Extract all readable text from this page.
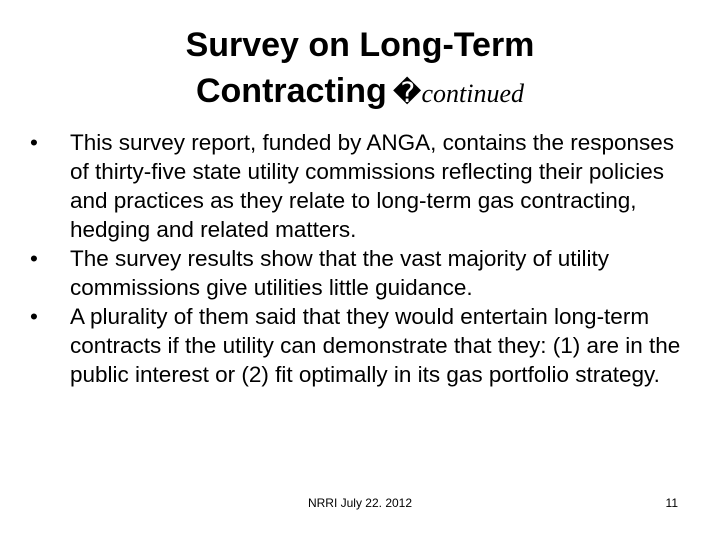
Survey on Long-Term
Contracting �continued
•	This survey report, funded by ANGA, contains the responses of thirty-five state utility commissions reflecting their policies and practices as they relate to long-term gas contracting, hedging and related matters.
•	The survey results show that the vast majority of utility commissions give utilities little guidance.
•	A plurality of them said that they would entertain long-term contracts if the utility can demonstrate that they: (1) are in the public interest or (2) fit optimally in its gas portfolio strategy.
NRRI July 22. 2012	11
